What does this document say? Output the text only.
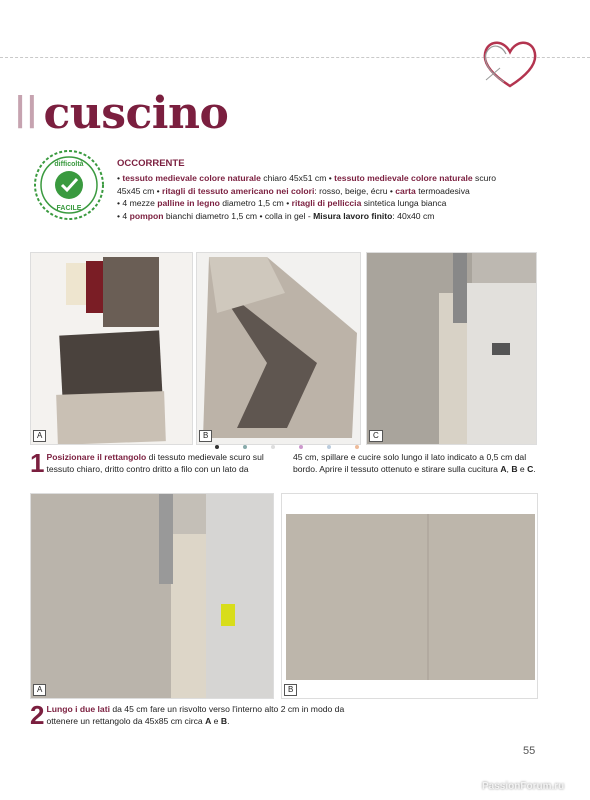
ll cuscino
difficoltà
FACILE
OCCORRENTE
• tessuto medievale colore naturale chiaro 45x51 cm • tessuto medievale colore naturale scuro
45x45 cm • ritagli di tessuto americano nei colori: rosso, beige, écru • carta termoadesiva
• 4 mezze palline in legno diametro 1,5 cm • ritagli di pelliccia sintetica lunga bianca
• 4 pompon bianchi diametro 1,5 cm • colla in gel - Misura lavoro finito: 40x40 cm
A	B	C
1 Posizionare il rettangolo di tessuto medievale scuro sul tessuto chiaro, dritto contro dritto a filo con un lato da
45 cm, spillare e cucire solo lungo il lato indicato a 0,5 cm dal bordo. Aprire il tessuto ottenuto e stirare sulla cucitura A, B e C.
A	B
2 Lungo i due lati da 45 cm fare un risvolto verso l'interno alto 2 cm in modo da ottenere un rettangolo da 45x85 cm circa A e B.
55
PassionForum.ru
